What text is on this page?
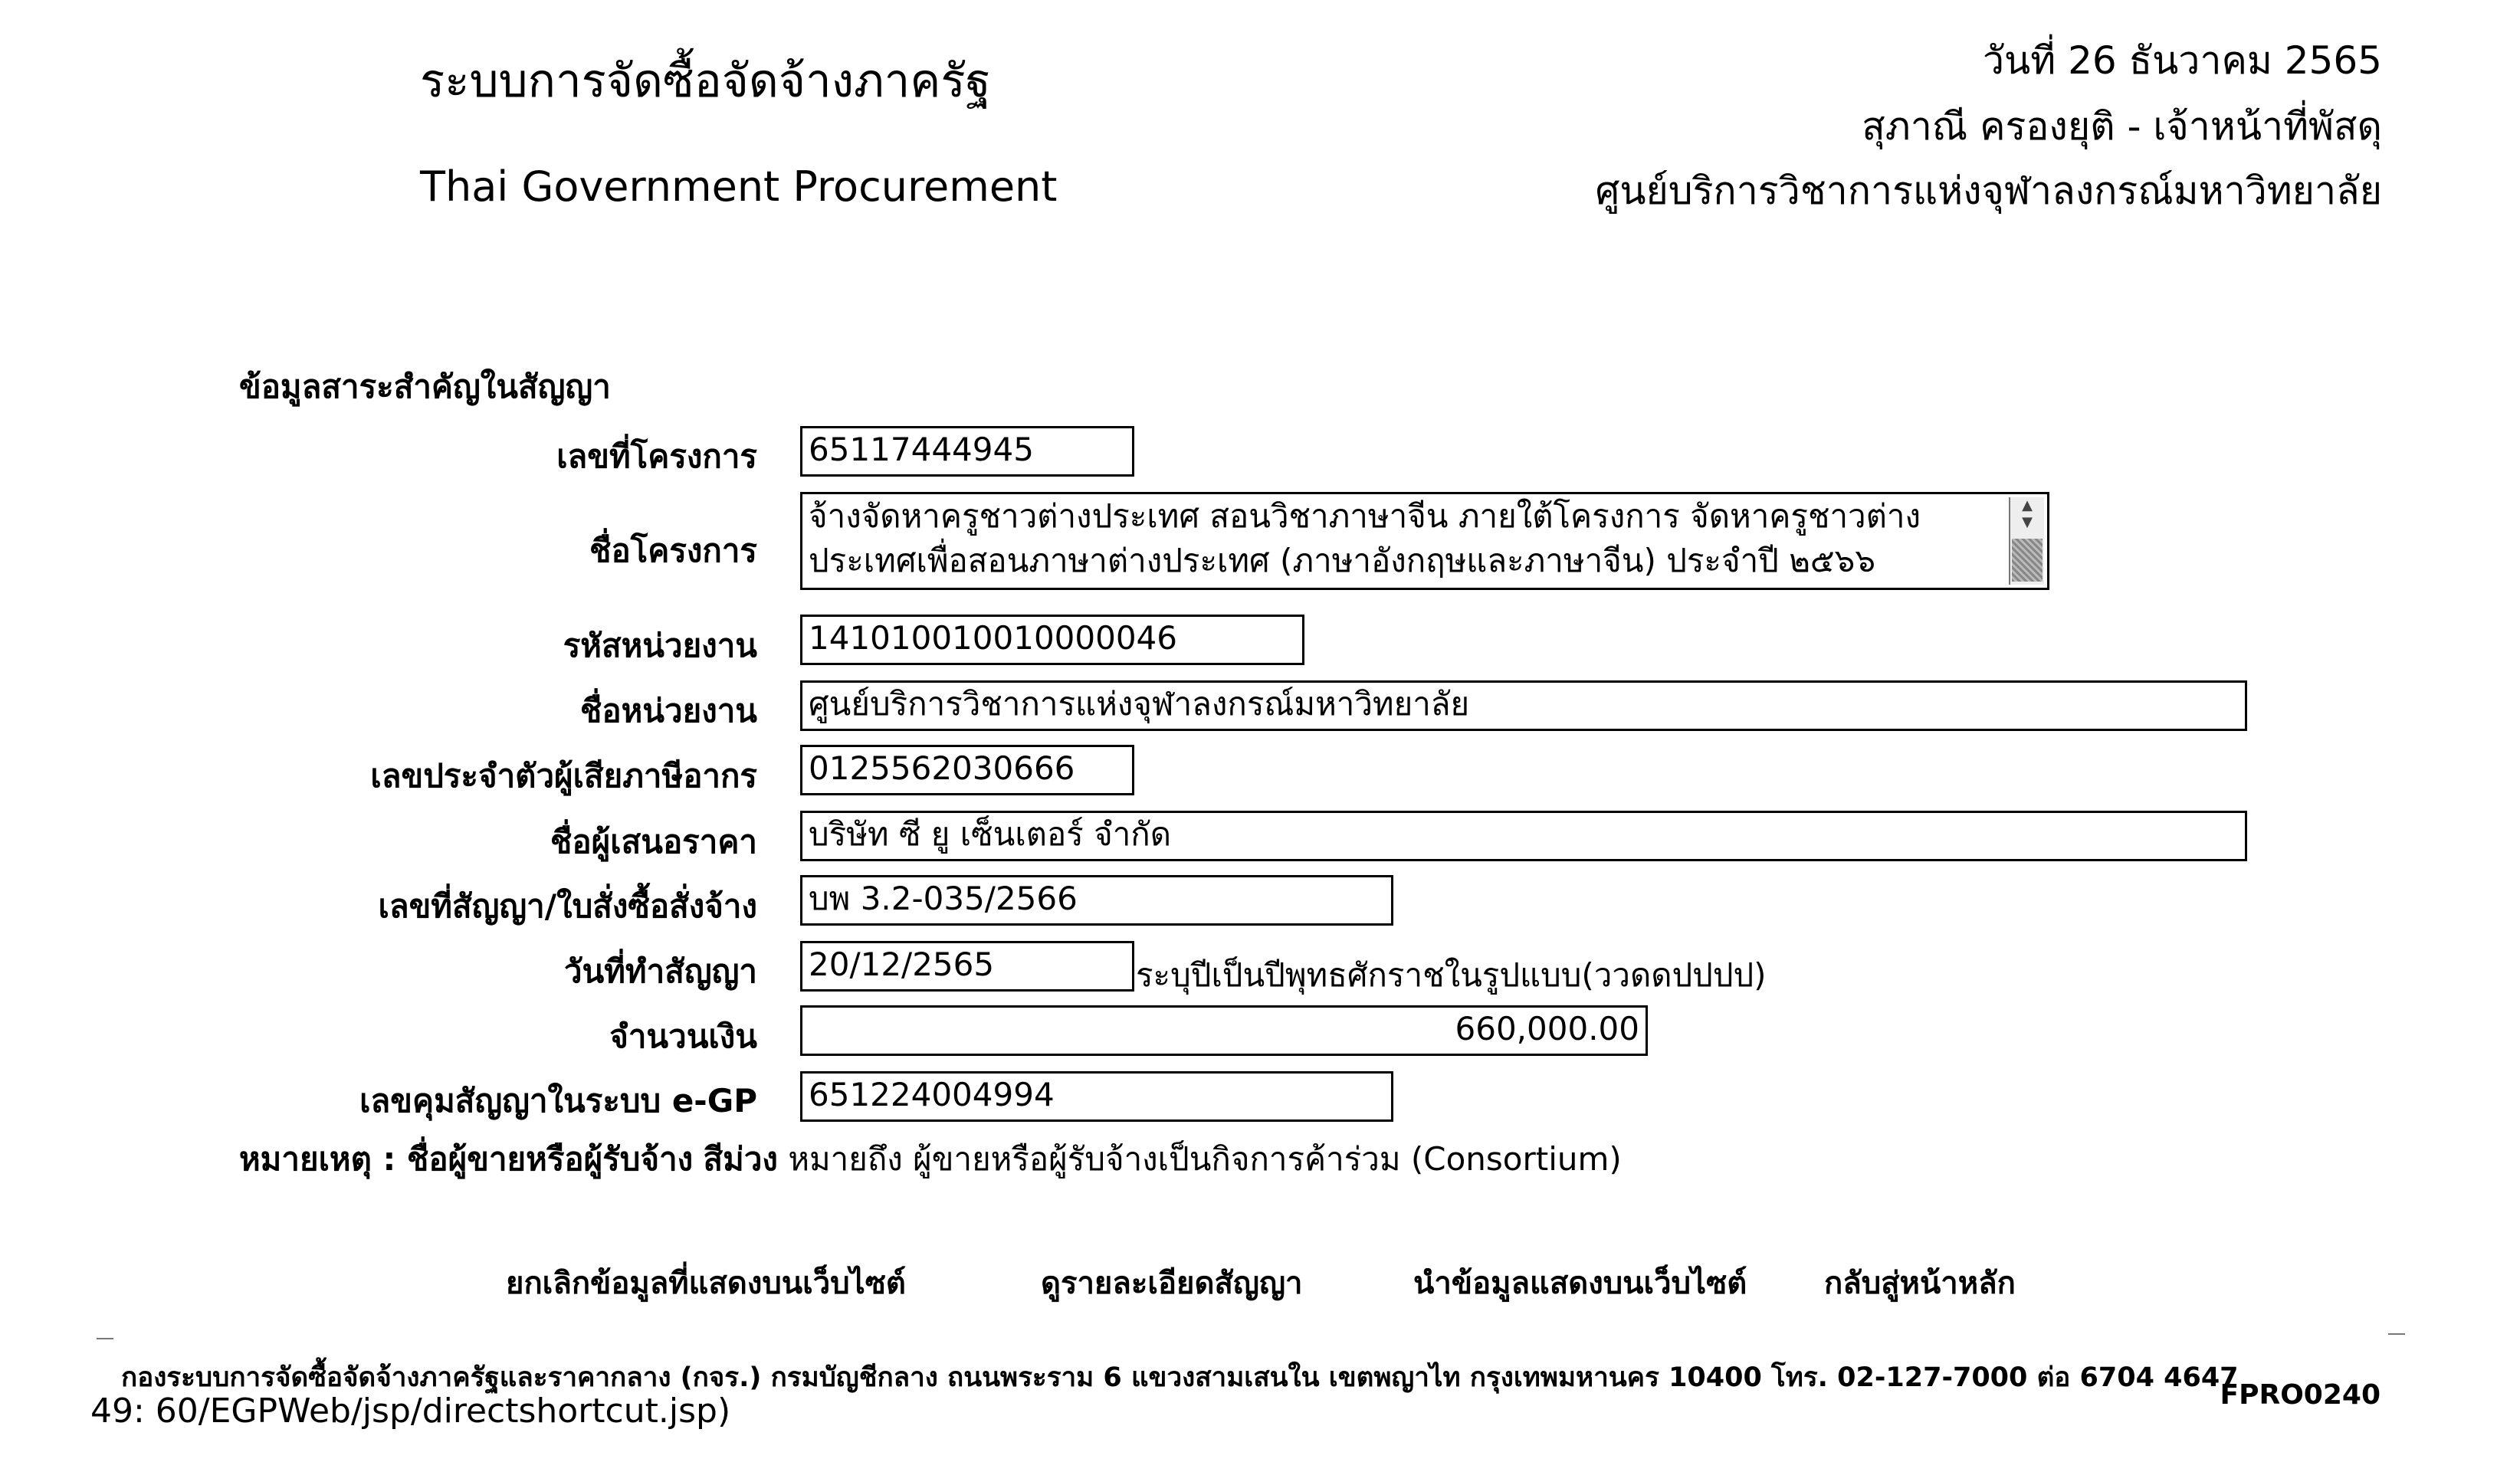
ระบบการจัดซื้อจัดจ้างภาครัฐ
Thai Government Procurement
วันที่ 26 ธันวาคม 2565
สุภาณี ครองยุติ - เจ้าหน้าที่พัสดุ
ศูนย์บริการวิชาการแห่งจุฬาลงกรณ์มหาวิทยาลัย
ข้อมูลสาระสำคัญในสัญญา
เลขที่โครงการ 65117444945
ชื่อโครงการ
จ้างจัดหาครูชาวต่างประเทศ สอนวิชาภาษาจีน ภายใต้โครงการ จัดหาครูชาวต่างประเทศเพื่อสอนภาษาต่างประเทศ (ภาษาอังกฤษและภาษาจีน) ประจำปี ๒๕๖๖
▲
▼
รหัสหน่วยงาน 141010010010000046
ชื่อหน่วยงาน ศูนย์บริการวิชาการแห่งจุฬาลงกรณ์มหาวิทยาลัย
เลขประจำตัวผู้เสียภาษีอากร 0125562030666
ชื่อผู้เสนอราคา บริษัท ซี ยู เซ็นเตอร์ จำกัด
เลขที่สัญญา/ใบสั่งซื้อสั่งจ้าง บพ 3.2-035/2566
วันที่ทำสัญญา 20/12/2565	ระบุปีเป็นปีพุทธศักราชในรูปแบบ(ววดดปปปป)
จำนวนเงิน	660,000.00
เลขคุมสัญญาในระบบ e-GP 651224004994
หมายเหตุ : ชื่อผู้ขายหรือผู้รับจ้าง สีม่วง หมายถึง ผู้ขายหรือผู้รับจ้างเป็นกิจการค้าร่วม (Consortium)
ยกเลิกข้อมูลที่แสดงบนเว็บไซต์	ดูรายละเอียดสัญญา	นำข้อมูลแสดงบนเว็บไซต์	กลับสู่หน้าหลัก
กองระบบการจัดซื้อจัดจ้างภาครัฐและราคากลาง (กจร.) กรมบัญชีกลาง ถนนพระราม 6 แขวงสามเสนใน เขตพญาไท กรุงเทพมหานคร 10400 โทร. 02-127-7000 ต่อ 6704 4647
49: 60/EGPWeb/jsp/directshortcut.jsp)	FPRO0240
